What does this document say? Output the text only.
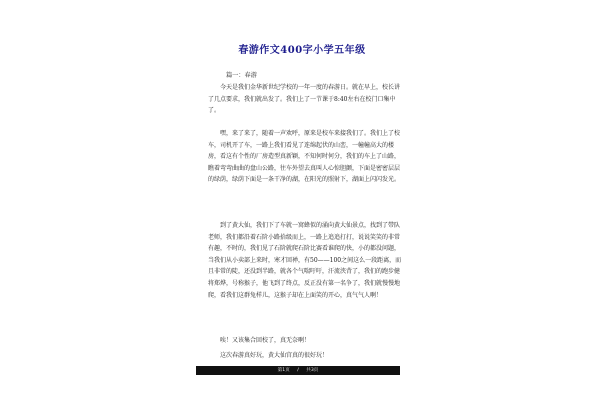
春游作文400字小学五年级
篇一：春游

今天是我们金华新世纪学校的一年一度的春游日。就在早上，校长讲了几点要求，我们就出发了。我们上了一节课于8:40左右在校门口集中了。

嘿，来了来了，随着一声欢呼，原来是校车来接我们了。我们上了校车，司机开了车，一路上我们看见了连绵起伏的山峦，一幢幢高大的楼房，看这有个性的厂房造型真新颖，不知何时何分，我们的车上了山路，瞧着弯弯曲曲的盘山公路，往车外望去真叫人心惊胆颤，下面是密密层层的绿荫，绿荫下面是一条干净的湖，在阳光的照射下，湖面上闪闪发光。

到了黄大仙，我们下了车就一窝蜂似的涌向黄大仙景点，找到了带队老师，我们都沿着石阶小路拾级而上，一路上追追打打，说说笑笑的非常有趣，不时的，我们见了石阶就爬石阶比赛看谁爬的快，小的都没问题，当我们从小卖部上来时，寒才回禅，有50——100之间这么一段距离，而且非常的陡，还没到半路，就各个气喘吁吁，汗流浃背了，我们的跑步健将郑烨，号称猴子，他飞到了终点，反正没有第一名争了，我们就慢慢地爬，看我们这群兔样儿，这猴子却在上面笑的开心，真气气人啊！

唉！又该集合回校了，真无奈啊！

这次春游真好玩，黄大仙宫真的很好玩！

第1页 / 共3页
